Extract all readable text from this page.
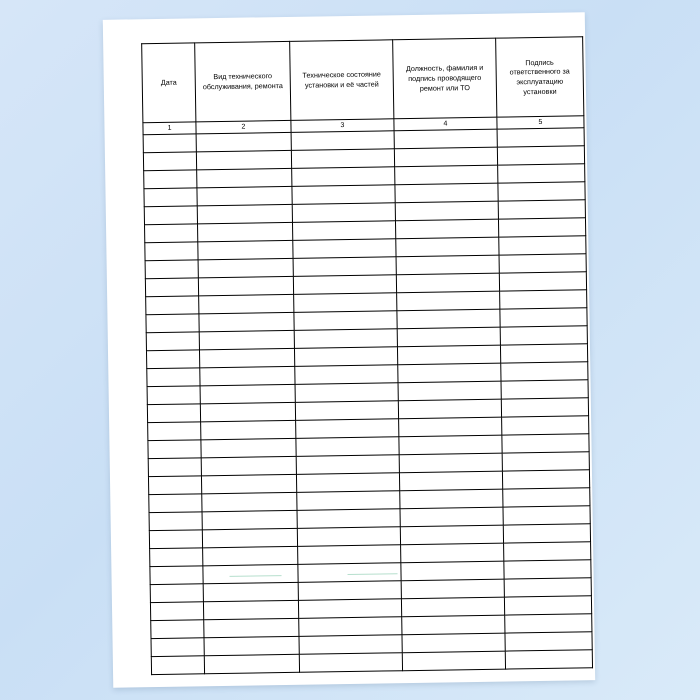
Дата	Вид технического обслуживания, ремонта	Техническое состояние установки и её частей	Должность, фамилия и подпись проводящего ремонт или ТО	Подпись ответственного за эксплуатацию установки
1	2	3	4	5
